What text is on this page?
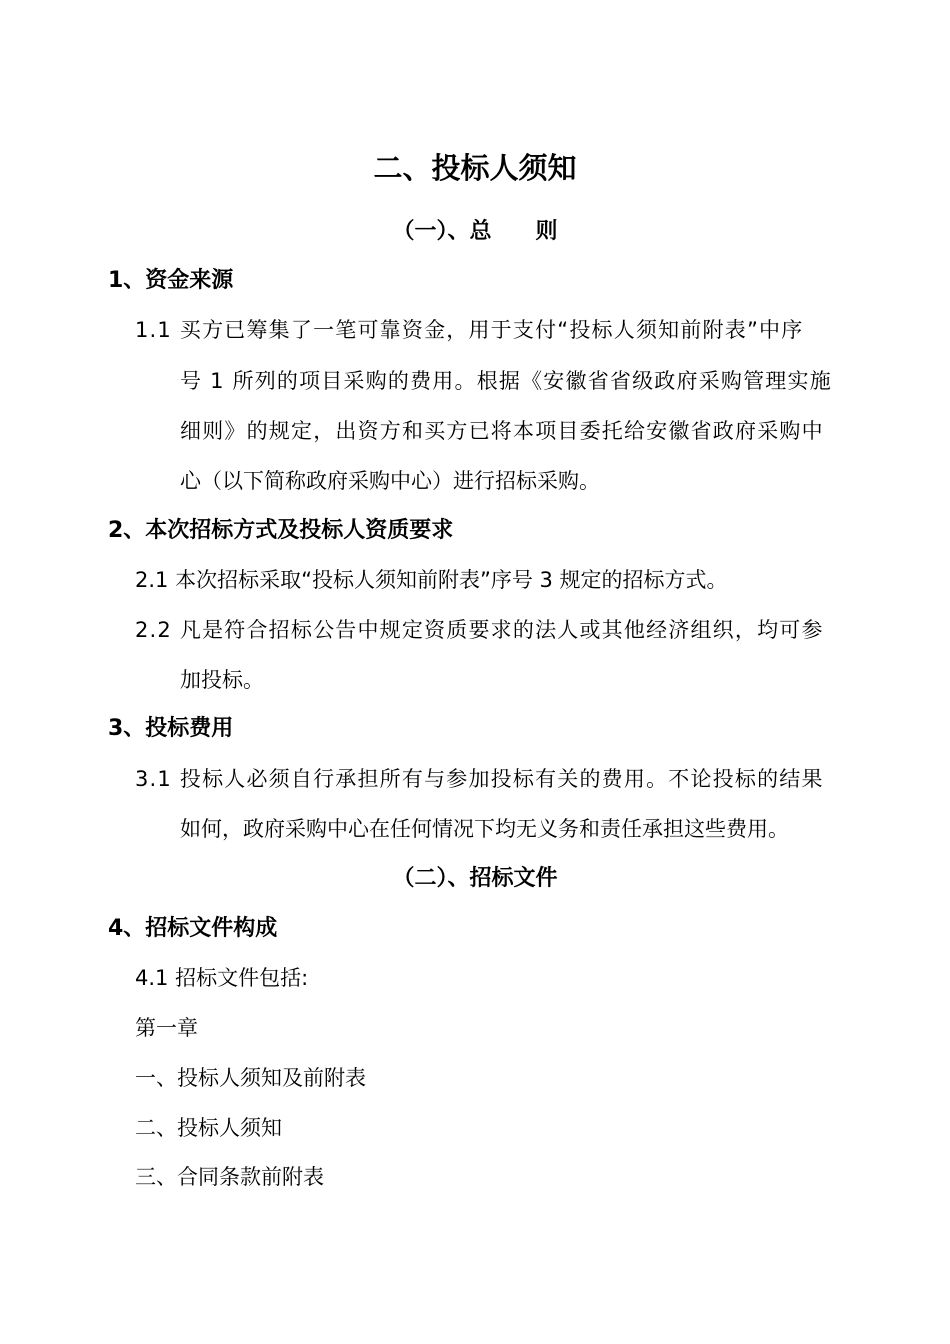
二、投标人须知
（一）、总　　则
1、资金来源
1.1 买方已筹集了一笔可靠资金，用于支付“投标人须知前附表”中序
号 1 所列的项目采购的费用。根据《安徽省省级政府采购管理实施
细则》的规定，出资方和买方已将本项目委托给安徽省政府采购中
心（以下简称政府采购中心）进行招标采购。
2、本次招标方式及投标人资质要求
2.1 本次招标采取“投标人须知前附表”序号 3 规定的招标方式。
2.2 凡是符合招标公告中规定资质要求的法人或其他经济组织，均可参
加投标。
3、投标费用
3.1 投标人必须自行承担所有与参加投标有关的费用。不论投标的结果
如何，政府采购中心在任何情况下均无义务和责任承担这些费用。
（二）、招标文件
4、招标文件构成
4.1 招标文件包括:
第一章
一、投标人须知及前附表
二、投标人须知
三、合同条款前附表
